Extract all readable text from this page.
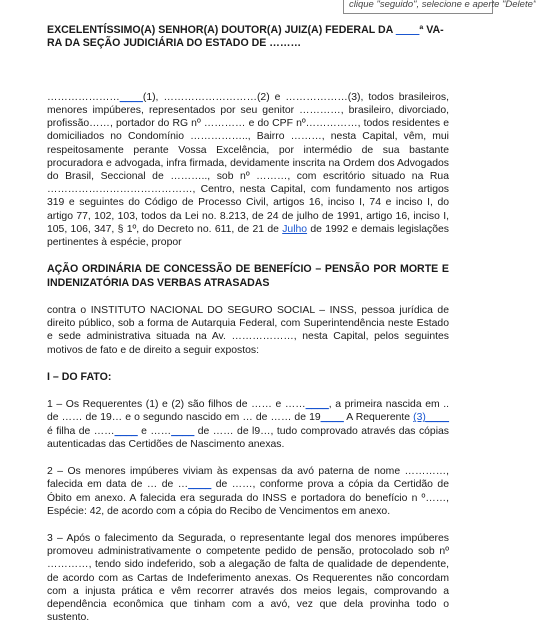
clique "seguido", selecione e aperte "Delete"

EXCELENTÍSSIMO(A) SENHOR(A) DOUTOR(A) JUIZ(A) FEDERAL DA ____ª VA-
RA DA SEÇÃO JUDICIÁRIA DO ESTADO DE ………

…………………____(1), ………………………(2) e ………………(3), todos brasileiros, menores impúberes, representados por seu genitor …………, brasileiro, divorciado, profissão……, portador do RG nº ………… e do CPF nº……………, todos residentes e domiciliados no Condomínio …………….., Bairro ………, nesta Capital, vêm, mui respeitosamente perante Vossa Excelência, por intermédio de sua bastante procuradora e advogada, infra firmada, devidamente inscrita na Ordem dos Advogados do Brasil, Seccional de ……….., sob nº ………, com escritório situado na Rua ……………………………………, Centro, nesta Capital, com fundamento nos artigos 319 e seguintes do Código de Processo Civil, artigos 16, inciso I, 74 e inciso I, do artigo 77, 102, 103, todos da Lei no. 8.213, de 24 de julho de 1991, artigo 16, inciso I, 105, 106, 347, § 1º, do Decreto no. 611, de 21 de Julho de 1992 e demais legislações pertinentes à espécie, propor

AÇÃO ORDINÁRIA DE CONCESSÃO DE BENEFÍCIO – PENSÃO POR MORTE E INDENIZATÓRIA DAS VERBAS ATRASADAS

contra o INSTITUTO NACIONAL DO SEGURO SOCIAL – INSS, pessoa jurídica de direito público, sob a forma de Autarquia Federal, com Superintendência neste Estado e sede administrativa situada na Av. ………………, nesta Capital, pelos seguintes motivos de fato e de direito a seguir expostos:

I – DO FATO:

1 – Os Requerentes (1) e (2) são filhos de …… e ……____, a primeira nascida em .. de …… de 19… e o segundo nascido em … de …… de 19____ A Requerente (3)____ é filha de ……____ e ……____ de …… de l9…, tudo comprovado através das cópias autenticadas das Certidões de Nascimento anexas.

2 – Os menores impúberes viviam às expensas da avó paterna de nome …………, falecida em data de … de …____ de ……, conforme prova a cópia da Certidão de Óbito em anexo. A falecida era segurada do INSS e portadora do benefício n º……, Espécie: 42, de acordo com a cópia do Recibo de Vencimentos em anexo.

3 – Após o falecimento da Segurada, o representante legal dos menores impúberes promoveu administrativamente o competente pedido de pensão, protocolado sob nº …………, tendo sido indeferido, sob a alegação de falta de qualidade de dependente, de acordo com as Cartas de Indeferimento anexas. Os Requerentes não concordam com a injusta prática e vêm recorrer através dos meios legais, comprovando a dependência econômica que tinham com a avó, vez que dela provinha todo o sustento.
